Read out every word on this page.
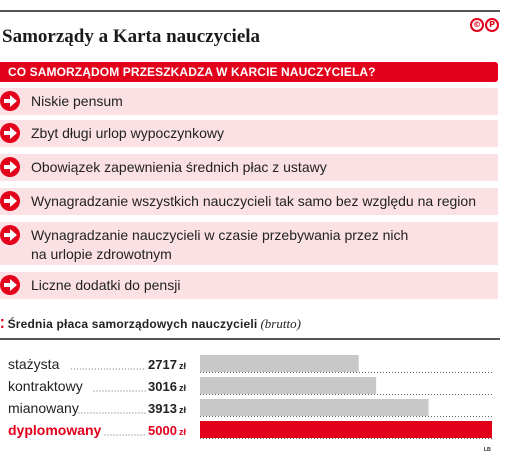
Samorządy a Karta nauczyciela
© P
CO SAMORZĄDOM PRZESZKADZA W KARCIE NAUCZYCIELA?
Niskie pensum
Zbyt długi urlop wypoczynkowy
Obowiązek zapewnienia średnich płac z ustawy
Wynagradzanie wszystkich nauczycieli tak samo bez względu na region
Wynagradzanie nauczycieli w czasie przebywania przez nich
na urlopie zdrowotnym
Liczne dodatki do pensji
⁚ Średnia płaca samorządowych nauczycieli (brutto)
stażysta	2717 zł
kontraktowy	3016 zł
mianowany	3913 zł
dyplomowany	5000 zł
ᴸᴮ
